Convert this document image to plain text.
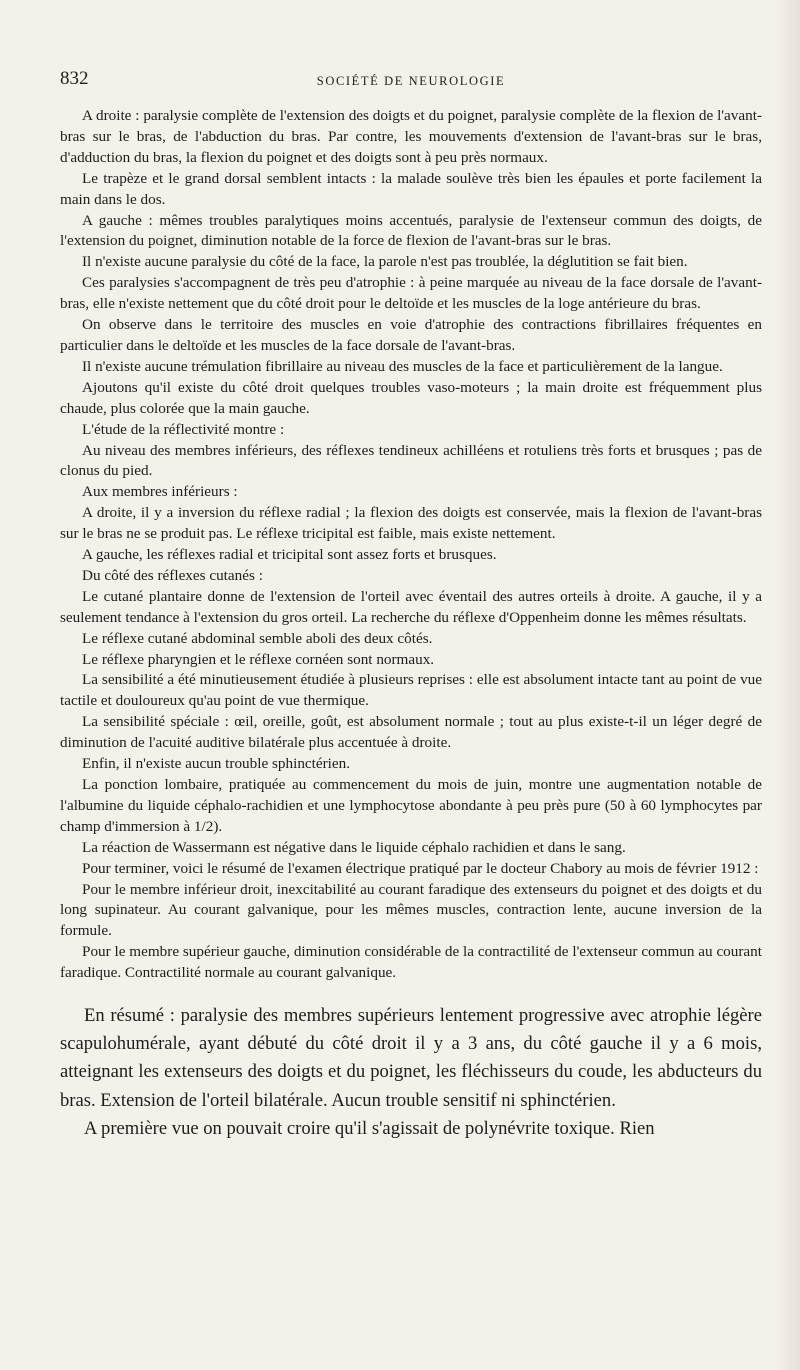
832	SOCIÉTÉ DE NEUROLOGIE

A droite : paralysie complète de l'extension des doigts et du poignet, paralysie complète de la flexion de l'avant-bras sur le bras, de l'abduction du bras. Par contre, les mouvements d'extension de l'avant-bras sur le bras, d'adduction du bras, la flexion du poignet et des doigts sont à peu près normaux.

Le trapèze et le grand dorsal semblent intacts : la malade soulève très bien les épaules et porte facilement la main dans le dos.

A gauche : mêmes troubles paralytiques moins accentués, paralysie de l'extenseur commun des doigts, de l'extension du poignet, diminution notable de la force de flexion de l'avant-bras sur le bras.

Il n'existe aucune paralysie du côté de la face, la parole n'est pas troublée, la déglutition se fait bien.

Ces paralysies s'accompagnent de très peu d'atrophie : à peine marquée au niveau de la face dorsale de l'avant-bras, elle n'existe nettement que du côté droit pour le deltoïde et les muscles de la loge antérieure du bras.

On observe dans le territoire des muscles en voie d'atrophie des contractions fibrillaires fréquentes en particulier dans le deltoïde et les muscles de la face dorsale de l'avant-bras.

Il n'existe aucune trémulation fibrillaire au niveau des muscles de la face et particulièrement de la langue.

Ajoutons qu'il existe du côté droit quelques troubles vaso-moteurs ; la main droite est fréquemment plus chaude, plus colorée que la main gauche.

L'étude de la réflectivité montre :

Au niveau des membres inférieurs, des réflexes tendineux achilléens et rotuliens très forts et brusques ; pas de clonus du pied.

Aux membres inférieurs :

A droite, il y a inversion du réflexe radial ; la flexion des doigts est conservée, mais la flexion de l'avant-bras sur le bras ne se produit pas. Le réflexe tricipital est faible, mais existe nettement.

A gauche, les réflexes radial et tricipital sont assez forts et brusques.

Du côté des réflexes cutanés :

Le cutané plantaire donne de l'extension de l'orteil avec éventail des autres orteils à droite. A gauche, il y a seulement tendance à l'extension du gros orteil. La recherche du réflexe d'Oppenheim donne les mêmes résultats.

Le réflexe cutané abdominal semble aboli des deux côtés.

Le réflexe pharyngien et le réflexe cornéen sont normaux.

La sensibilité a été minutieusement étudiée à plusieurs reprises : elle est absolument intacte tant au point de vue tactile et douloureux qu'au point de vue thermique.

La sensibilité spéciale : œil, oreille, goût, est absolument normale ; tout au plus existe-t-il un léger degré de diminution de l'acuité auditive bilatérale plus accentuée à droite.

Enfin, il n'existe aucun trouble sphinctérien.

La ponction lombaire, pratiquée au commencement du mois de juin, montre une augmentation notable de l'albumine du liquide céphalo-rachidien et une lymphocytose abondante à peu près pure (50 à 60 lymphocytes par champ d'immersion à 1/2).

La réaction de Wassermann est négative dans le liquide céphalo rachidien et dans le sang.

Pour terminer, voici le résumé de l'examen électrique pratiqué par le docteur Chabory au mois de février 1912 :

Pour le membre inférieur droit, inexcitabilité au courant faradique des extenseurs du poignet et des doigts et du long supinateur. Au courant galvanique, pour les mêmes muscles, contraction lente, aucune inversion de la formule.

Pour le membre supérieur gauche, diminution considérable de la contractilité de l'extenseur commun au courant faradique. Contractilité normale au courant galvanique.

En résumé : paralysie des membres supérieurs lentement progressive avec atrophie légère scapulohumérale, ayant débuté du côté droit il y a 3 ans, du côté gauche il y a 6 mois, atteignant les extenseurs des doigts et du poignet, les fléchisseurs du coude, les abducteurs du bras. Extension de l'orteil bilatérale. Aucun trouble sensitif ni sphinctérien.

A première vue on pouvait croire qu'il s'agissait de polynévrite toxique. Rien
